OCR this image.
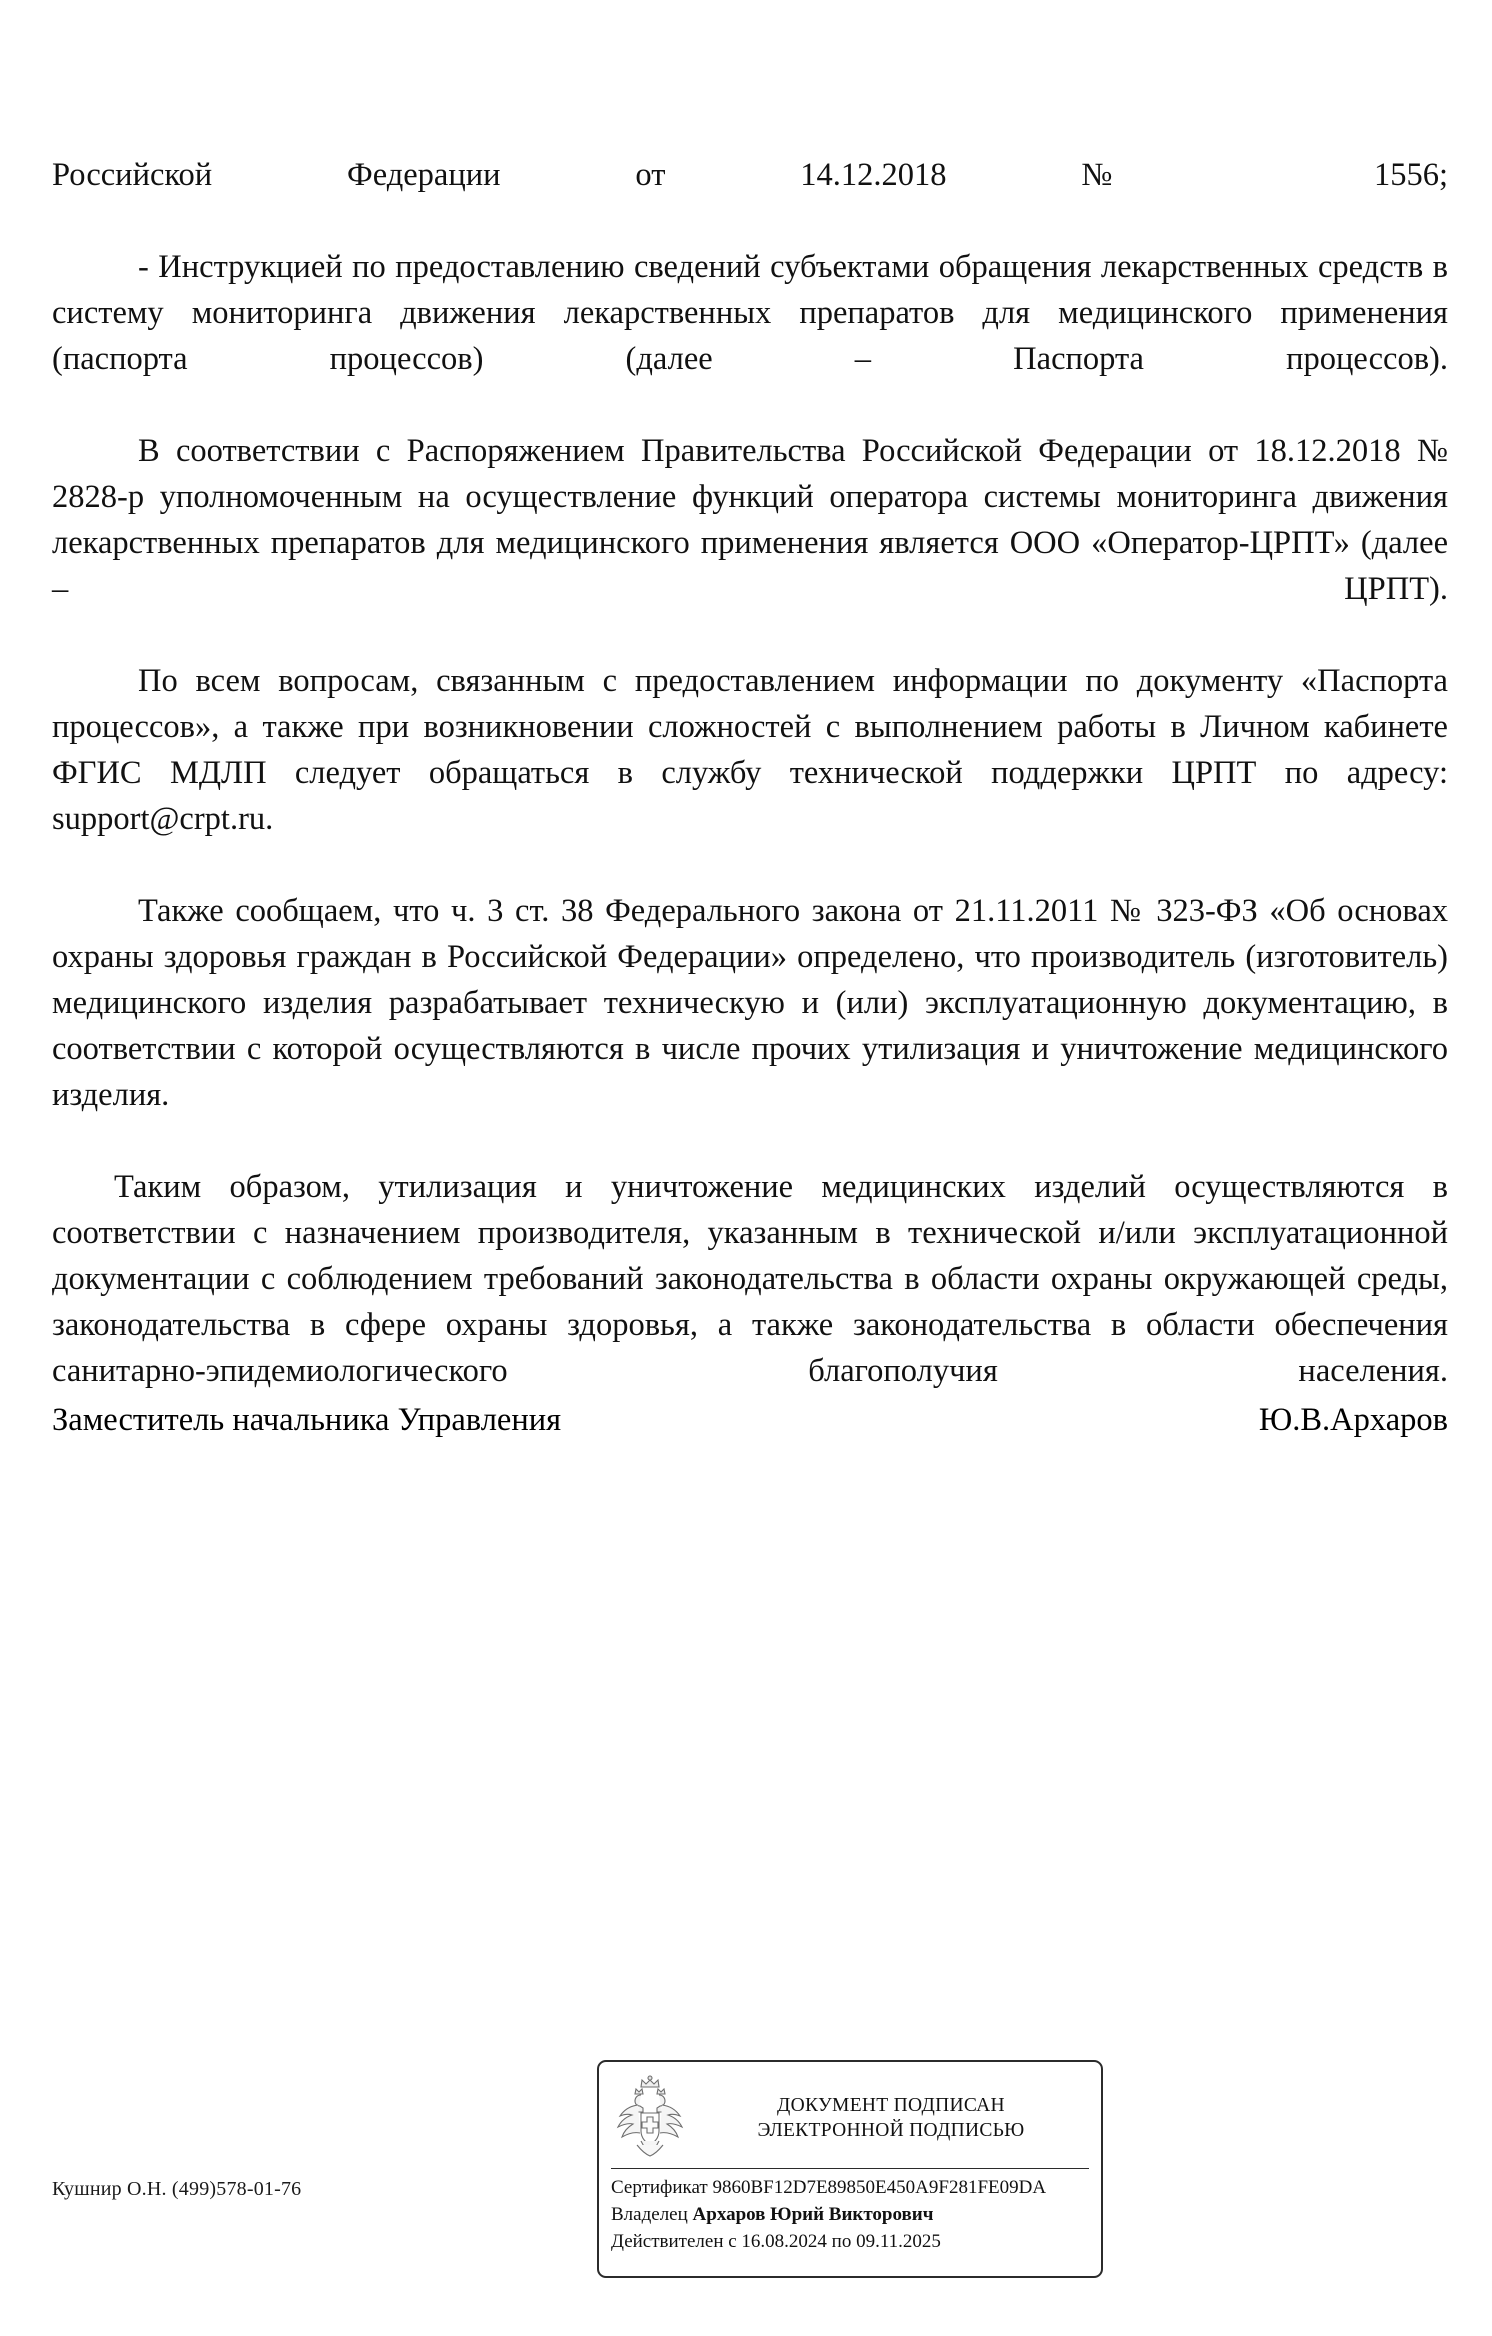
Российской Федерации от 14.12.2018 № 1556;

- Инструкцией по предоставлению сведений субъектами обращения лекарственных средств в систему мониторинга движения лекарственных препаратов для медицинского применения (паспорта процессов) (далее – Паспорта процессов).

В соответствии с Распоряжением Правительства Российской Федерации от 18.12.2018 № 2828-р уполномоченным на осуществление функций оператора системы мониторинга движения лекарственных препаратов для медицинского применения является ООО «Оператор-ЦРПТ» (далее – ЦРПТ).

По всем вопросам, связанным с предоставлением информации по документу «Паспорта процессов», а также при возникновении сложностей с выполнением работы в Личном кабинете ФГИС МДЛП следует обращаться в службу технической поддержки ЦРПТ по адресу: support@crpt.ru.

Также сообщаем, что ч. 3 ст. 38 Федерального закона от 21.11.2011 № 323-ФЗ «Об основах охраны здоровья граждан в Российской Федерации» определено, что производитель (изготовитель) медицинского изделия разрабатывает техническую и (или) эксплуатационную документацию, в соответствии с которой осуществляются в числе прочих утилизация и уничтожение медицинского изделия.

Таким образом, утилизация и уничтожение медицинских изделий осуществляются в соответствии с назначением производителя, указанным в технической и/или эксплуатационной документации с соблюдением требований законодательства в области охраны окружающей среды, законодательства в сфере охраны здоровья, а также законодательства в области обеспечения санитарно-эпидемиологического благополучия населения.

Заместитель начальника Управления	Ю.В.Архаров
Кушнир О.Н. (499)578-01-76
ДОКУМЕНТ ПОДПИСАН
ЭЛЕКТРОННОЙ ПОДПИСЬЮ
Сертификат 9860BF12D7E89850E450A9F281FE09DA
Владелец Архаров Юрий Викторович
Действителен с 16.08.2024 по 09.11.2025
